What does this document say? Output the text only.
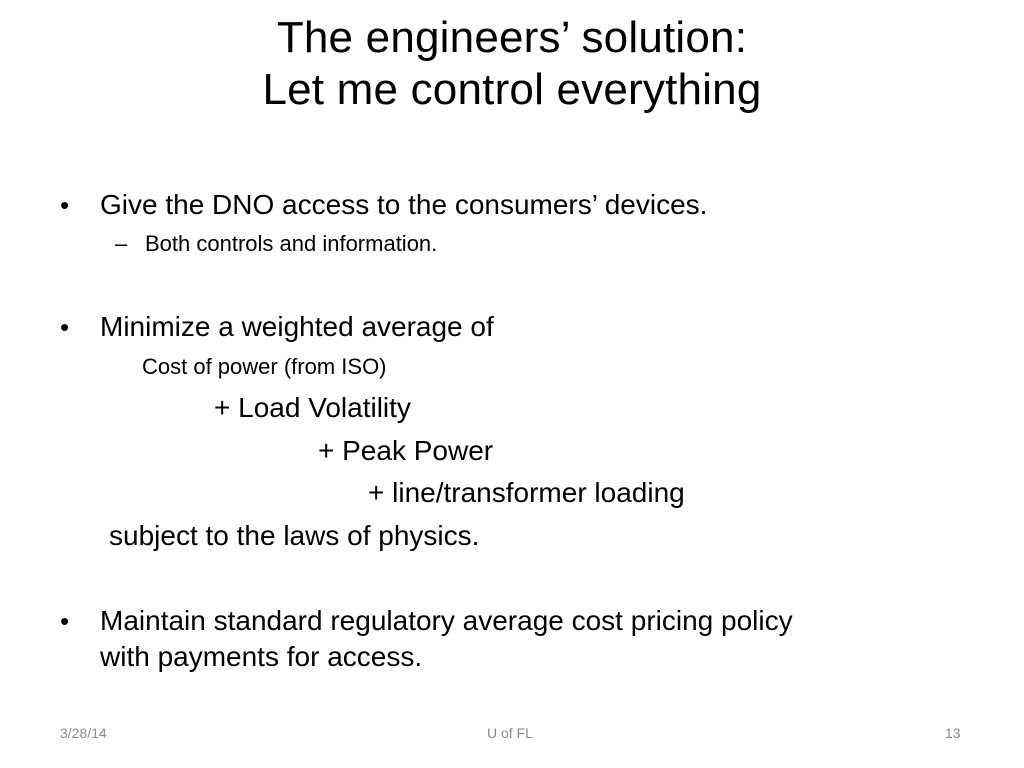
The engineers’ solution:
Let me control everything
• Give the DNO access to the consumers’ devices.
– Both controls and information.
• Minimize a weighted average of
Cost of power (from ISO)
+ Load Volatility
+ Peak Power
+ line/transformer loading
subject to the laws of physics.
• Maintain standard regulatory average cost pricing policy
with payments for access.
3/28/14	U of FL	13
